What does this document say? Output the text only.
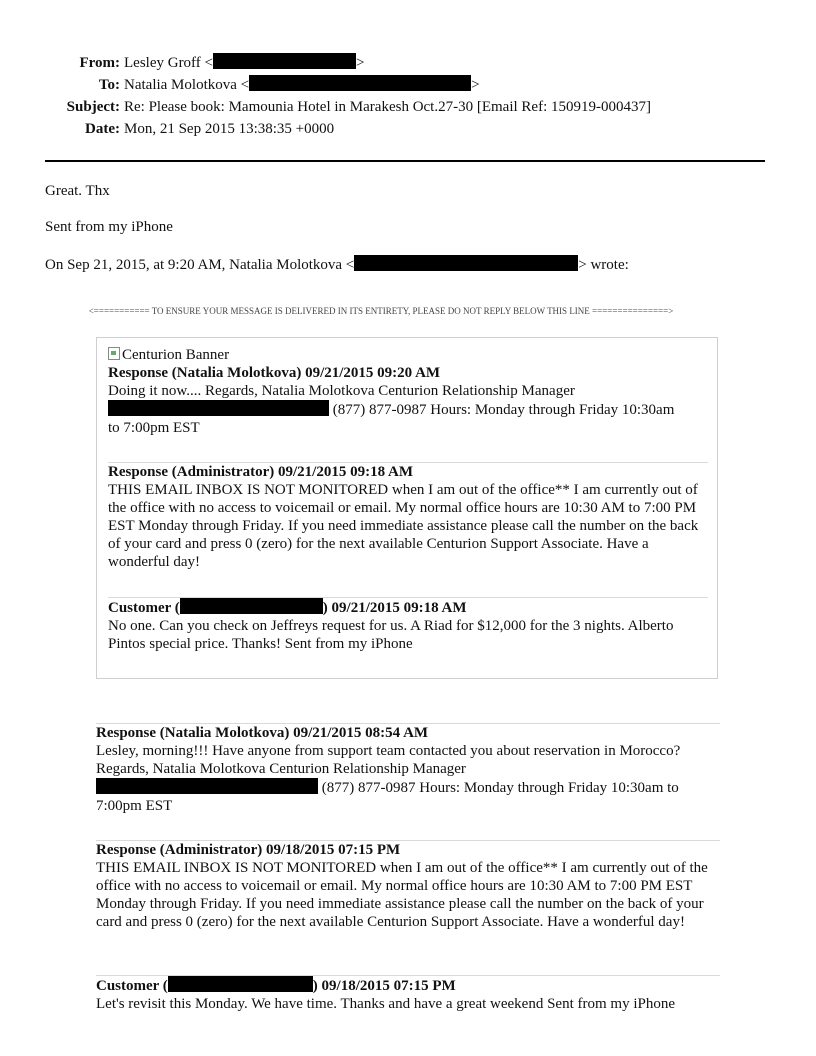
From: Lesley Groff <	>
To: Natalia Molotkova <	>
Subject: Re: Please book: Mamounia Hotel in Marakesh Oct.27-30 [Email Ref: 150919-000437]
Date: Mon, 21 Sep 2015 13:38:35 +0000
Great. Thx
Sent from my iPhone
On Sep 21, 2015, at 9:20 AM, Natalia Molotkova <	> wrote:
<=========== TO ENSURE YOUR MESSAGE IS DELIVERED IN ITS ENTIRETY, PLEASE DO NOT REPLY BELOW THIS LINE ===============>
Centurion Banner
Response (Natalia Molotkova) 09/21/2015 09:20 AM
Doing it now.... Regards, Natalia Molotkova Centurion Relationship Manager
(877) 877-0987 Hours: Monday through Friday 10:30am
to 7:00pm EST
Response (Administrator) 09/21/2015 09:18 AM
THIS EMAIL INBOX IS NOT MONITORED when I am out of the office** I am currently out of the office with no access to voicemail or email. My normal office hours are 10:30 AM to 7:00 PM EST Monday through Friday. If you need immediate assistance please call the number on the back of your card and press 0 (zero) for the next available Centurion Support Associate. Have a wonderful day!
Customer (	) 09/21/2015 09:18 AM
No one. Can you check on Jeffreys request for us. A Riad for $12,000 for the 3 nights. Alberto Pintos special price. Thanks! Sent from my iPhone
Response (Natalia Molotkova) 09/21/2015 08:54 AM
Lesley, morning!!! Have anyone from support team contacted you about reservation in Morocco? Regards, Natalia Molotkova Centurion Relationship Manager
(877) 877-0987 Hours: Monday through Friday 10:30am to
7:00pm EST
Response (Administrator) 09/18/2015 07:15 PM
THIS EMAIL INBOX IS NOT MONITORED when I am out of the office** I am currently out of the office with no access to voicemail or email. My normal office hours are 10:30 AM to 7:00 PM EST Monday through Friday. If you need immediate assistance please call the number on the back of your card and press 0 (zero) for the next available Centurion Support Associate. Have a wonderful day!
Customer (	) 09/18/2015 07:15 PM
Let's revisit this Monday. We have time. Thanks and have a great weekend Sent from my iPhone
